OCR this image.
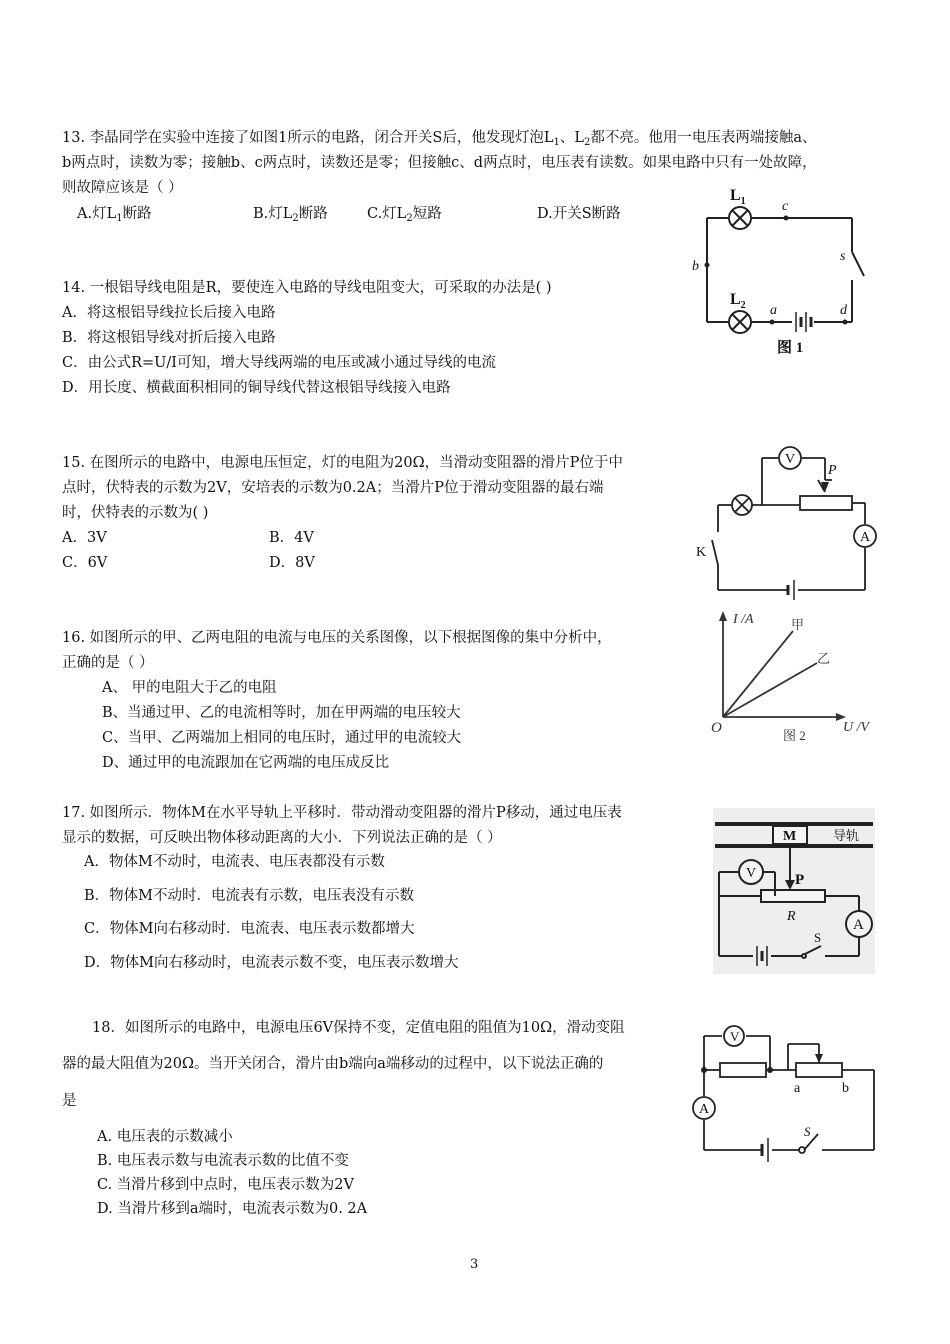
13. 李晶同学在实验中连接了如图1所示的电路，闭合开关S后，他发现灯泡$L_1$、$L_2$都不亮。他用一电压表两端接触a、
b两点时，读数为零；接触b、c两点时，读数还是零；但接触c、d两点时，电压表有读数。如果电路中只有一处故障，
则故障应该是（ ）
A.灯$L_1$断路	B.灯$L_2$断路	C.灯$L_2$短路	D.开关S断路
$L_1$
$L_2$
c
b
s
a	d
图 1
14. 一根铝导线电阻是R，要使连入电路的导线电阻变大，可采取的办法是( )
A．将这根铝导线拉长后接入电路
B．将这根铝导线对折后接入电路
C．由公式R=U/I可知，增大导线两端的电压或减小通过导线的电流
D．用长度、横截面积相同的铜导线代替这根铝导线接入电路
15. 在图所示的电路中，电源电压恒定，灯的电阻为20Ω，当滑动变阻器的滑片P位于中
点时，伏特表的示数为2V，安培表的示数为0.2A；当滑片P位于滑动变阻器的最右端
时，伏特表的示数为( )
A．3V	B．4V
C．6V	D．8V
V
A
P
K
16. 如图所示的甲、乙两电阻的电流与电压的关系图像，以下根据图像的集中分析中，
正确的是（ ）
A、 甲的电阻大于乙的电阻
B、当通过甲、乙的电流相等时，加在甲两端的电压较大
C、当甲、乙两端加上相同的电压时，通过甲的电流较大
D、通过甲的电流跟加在它两端的电压成反比
I /A
U /V
O
甲
乙
图 2
17. 如图所示．物体M在水平导轨上平移时．带动滑动变阻器的滑片P移动，通过电压表
显示的数据，可反映出物体移动距离的大小．下列说法正确的是（ ）
A．物体M不动时，电流表、电压表都没有示数
B．物体M不动时．电流表有示数，电压表没有示数
C．物体M向右移动时．电流表、电压表示数都增大
D．物体M向右移动时，电流表示数不变，电压表示数增大
M	导轨
V	P
R
A
S
18．如图所示的电路中，电源电压6V保持不变，定值电阻的阻值为10Ω，滑动变阻
器的最大阻值为20Ω。当开关闭合，滑片由b端向a端移动的过程中，以下说法正确的
是
A. 电压表的示数减小
B. 电压表示数与电流表示数的比值不变
C. 当滑片移到中点时，电压表示数为2V
D. 当滑片移到a端时，电流表示数为0. 2A
V
A
a	b
S
3
